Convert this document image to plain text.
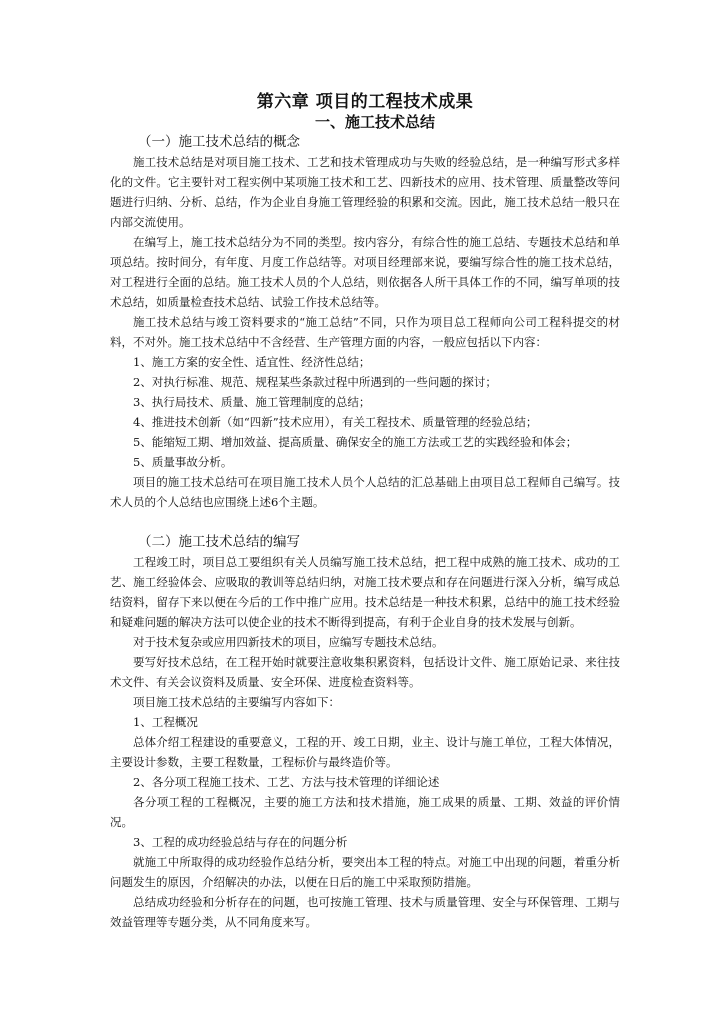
第六章 项目的工程技术成果
一、施工技术总结
（一）施工技术总结的概念

施工技术总结是对项目施工技术、工艺和技术管理成功与失败的经验总结，是一种编写形式多样化的文件。它主要针对工程实例中某项施工技术和工艺、四新技术的应用、技术管理、质量整改等问题进行归纳、分析、总结，作为企业自身施工管理经验的积累和交流。因此，施工技术总结一般只在内部交流使用。

在编写上，施工技术总结分为不同的类型。按内容分，有综合性的施工总结、专题技术总结和单项总结。按时间分，有年度、月度工作总结等。对项目经理部来说，要编写综合性的施工技术总结，对工程进行全面的总结。施工技术人员的个人总结，则依据各人所干具体工作的不同，编写单项的技术总结，如质量检查技术总结、试验工作技术总结等。

施工技术总结与竣工资料要求的“施工总结”不同，只作为项目总工程师向公司工程科提交的材料，不对外。施工技术总结中不含经营、生产管理方面的内容，一般应包括以下内容：

1、施工方案的安全性、适宜性、经济性总结；

2、对执行标准、规范、规程某些条款过程中所遇到的一些问题的探讨；

3、执行局技术、质量、施工管理制度的总结；

4、推进技术创新（如“四新”技术应用），有关工程技术、质量管理的经验总结；

5、能缩短工期、增加效益、提高质量、确保安全的施工方法或工艺的实践经验和体会；

5、质量事故分析。

项目的施工技术总结可在项目施工技术人员个人总结的汇总基础上由项目总工程师自己编写。技术人员的个人总结也应围绕上述6个主题。

（二）施工技术总结的编写

工程竣工时，项目总工要组织有关人员编写施工技术总结，把工程中成熟的施工技术、成功的工艺、施工经验体会、应吸取的教训等总结归纳，对施工技术要点和存在问题进行深入分析，编写成总结资料，留存下来以便在今后的工作中推广应用。技术总结是一种技术积累，总结中的施工技术经验和疑难问题的解决方法可以使企业的技术不断得到提高，有利于企业自身的技术发展与创新。

对于技术复杂或应用四新技术的项目，应编写专题技术总结。

要写好技术总结，在工程开始时就要注意收集积累资料，包括设计文件、施工原始记录、来往技术文件、有关会议资料及质量、安全环保、进度检查资料等。

项目施工技术总结的主要编写内容如下：

1、工程概况

总体介绍工程建设的重要意义，工程的开、竣工日期，业主、设计与施工单位，工程大体情况，主要设计参数，主要工程数量，工程标价与最终造价等。

2、各分项工程施工技术、工艺、方法与技术管理的详细论述

各分项工程的工程概况，主要的施工方法和技术措施，施工成果的质量、工期、效益的评价情况。

3、工程的成功经验总结与存在的问题分析

就施工中所取得的成功经验作总结分析，要突出本工程的特点。对施工中出现的问题，着重分析问题发生的原因，介绍解决的办法，以便在日后的施工中采取预防措施。

总结成功经验和分析存在的问题，也可按施工管理、技术与质量管理、安全与环保管理、工期与效益管理等专题分类，从不同角度来写。
